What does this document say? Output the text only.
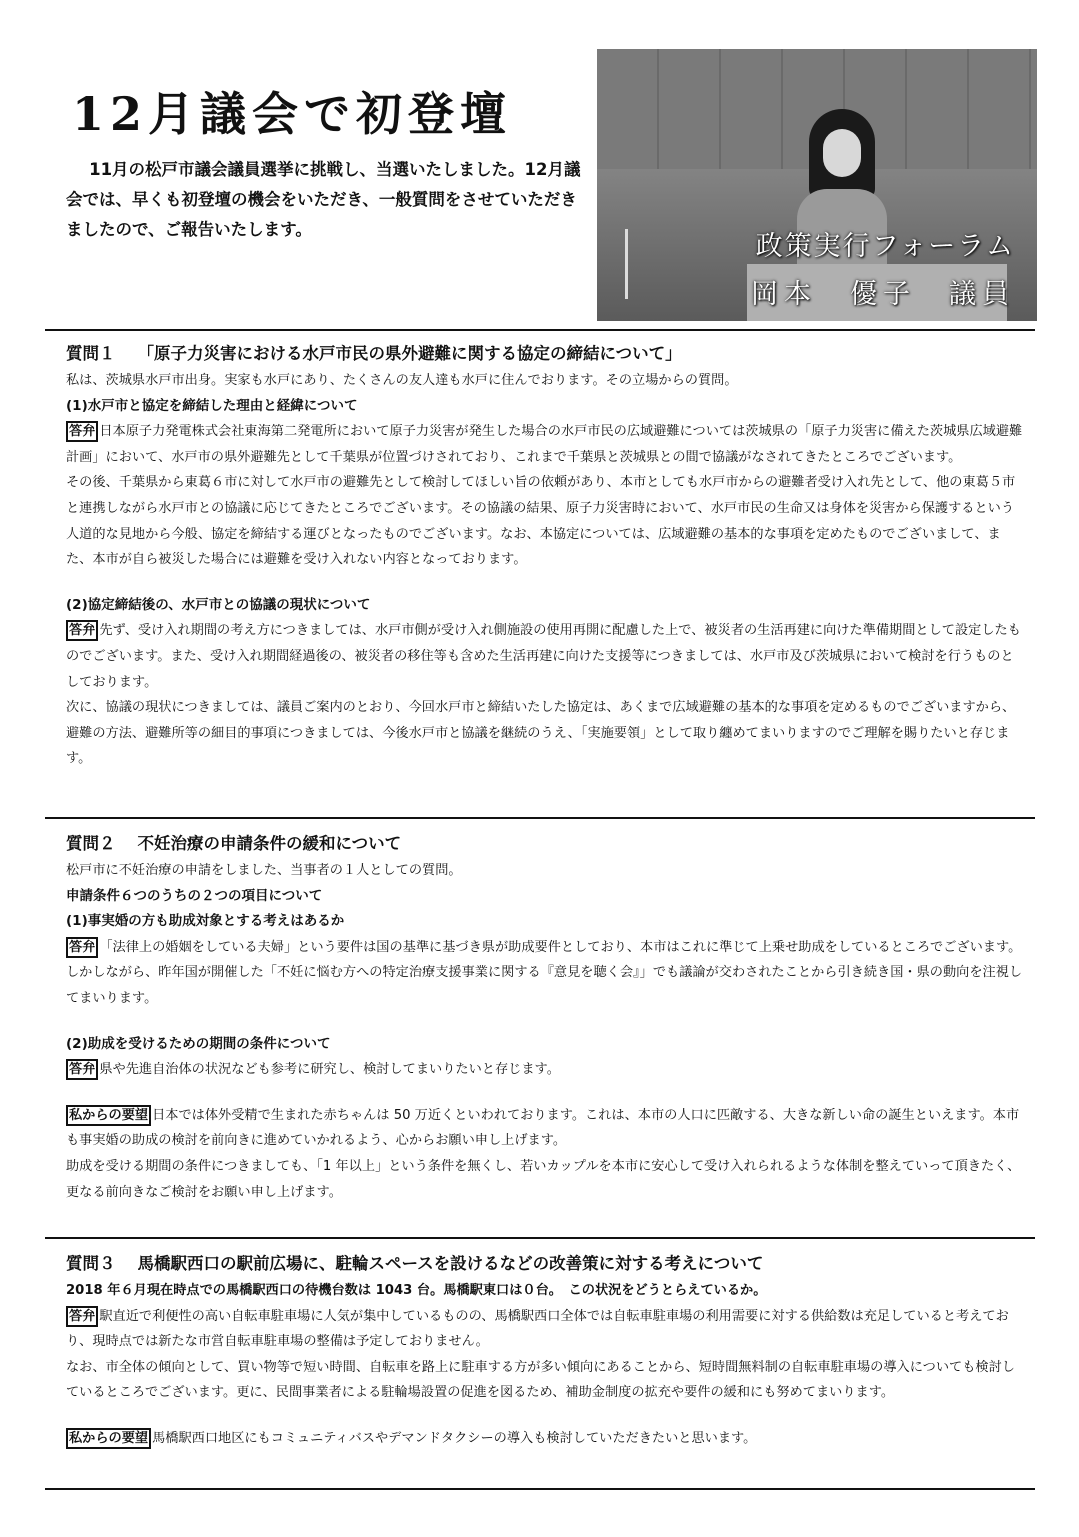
12月議会で初登壇
11月の松戸市議会議員選挙に挑戦し、当選いたしました。12月議会では、早くも初登壇の機会をいただき、一般質問をさせていただきましたので、ご報告いたします。
政策実行フォーラム
岡本　優子　議員
質問１ 「原子力災害における水戸市民の県外避難に関する協定の締結について」

私は、茨城県水戸市出身。実家も水戸にあり、たくさんの友人達も水戸に住んでおります。その立場からの質問。

(1)水戸市と協定を締結した理由と経緯について

答弁 日本原子力発電株式会社東海第二発電所において原子力災害が発生した場合の水戸市民の広域避難については茨城県の「原子力災害に備えた茨城県広域避難計画」において、水戸市の県外避難先として千葉県が位置づけされており、これまで千葉県と茨城県との間で協議がなされてきたところでございます。

その後、千葉県から東葛６市に対して水戸市の避難先として検討してほしい旨の依頼があり、本市としても水戸市からの避難者受け入れ先として、他の東葛５市と連携しながら水戸市との協議に応じてきたところでございます。その協議の結果、原子力災害時において、水戸市民の生命又は身体を災害から保護するという人道的な見地から今般、協定を締結する運びとなったものでございます。なお、本協定については、広域避難の基本的な事項を定めたものでございまして、また、本市が自ら被災した場合には避難を受け入れない内容となっております。

(2)協定締結後の、水戸市との協議の現状について

答弁 先ず、受け入れ期間の考え方につきましては、水戸市側が受け入れ側施設の使用再開に配慮した上で、被災者の生活再建に向けた準備期間として設定したものでございます。また、受け入れ期間経過後の、被災者の移住等も含めた生活再建に向けた支援等につきましては、水戸市及び茨城県において検討を行うものとしております。

次に、協議の現状につきましては、議員ご案内のとおり、今回水戸市と締結いたした協定は、あくまで広域避難の基本的な事項を定めるものでございますから、避難の方法、避難所等の細目的事項につきましては、今後水戸市と協議を継続のうえ、「実施要領」として取り纏めてまいりますのでご理解を賜りたいと存じます。

質問２ 不妊治療の申請条件の緩和について

松戸市に不妊治療の申請をしました、当事者の１人としての質問。

申請条件６つのうちの２つの項目について

(1)事実婚の方も助成対象とする考えはあるか

答弁 「法律上の婚姻をしている夫婦」という要件は国の基準に基づき県が助成要件としており、本市はこれに準じて上乗せ助成をしているところでございます。しかしながら、昨年国が開催した「不妊に悩む方への特定治療支援事業に関する『意見を聴く会』」でも議論が交わされたことから引き続き国・県の動向を注視してまいります。

(2)助成を受けるための期間の条件について

答弁 県や先進自治体の状況なども参考に研究し、検討してまいりたいと存じます。

私からの要望 日本では体外受精で生まれた赤ちゃんは 50 万近くといわれております。これは、本市の人口に匹敵する、大きな新しい命の誕生といえます。本市も事実婚の助成の検討を前向きに進めていかれるよう、心からお願い申し上げます。

助成を受ける期間の条件につきましても、「1 年以上」という条件を無くし、若いカップルを本市に安心して受け入れられるような体制を整えていって頂きたく、更なる前向きなご検討をお願い申し上げます。

質問３ 馬橋駅西口の駅前広場に、駐輪スペースを設けるなどの改善策に対する考えについて

2018 年６月現在時点での馬橋駅西口の待機台数は 1043 台。馬橋駅東口は０台。　この状況をどうとらえているか。

答弁 駅直近で利便性の高い自転車駐車場に人気が集中しているものの、馬橋駅西口全体では自転車駐車場の利用需要に対する供給数は充足していると考えており、現時点では新たな市営自転車駐車場の整備は予定しておりません。

なお、市全体の傾向として、買い物等で短い時間、自転車を路上に駐車する方が多い傾向にあることから、短時間無料制の自転車駐車場の導入についても検討しているところでございます。更に、民間事業者による駐輪場設置の促進を図るため、補助金制度の拡充や要件の緩和にも努めてまいります。

私からの要望 馬橋駅西口地区にもコミュニティバスやデマンドタクシーの導入も検討していただきたいと思います。
